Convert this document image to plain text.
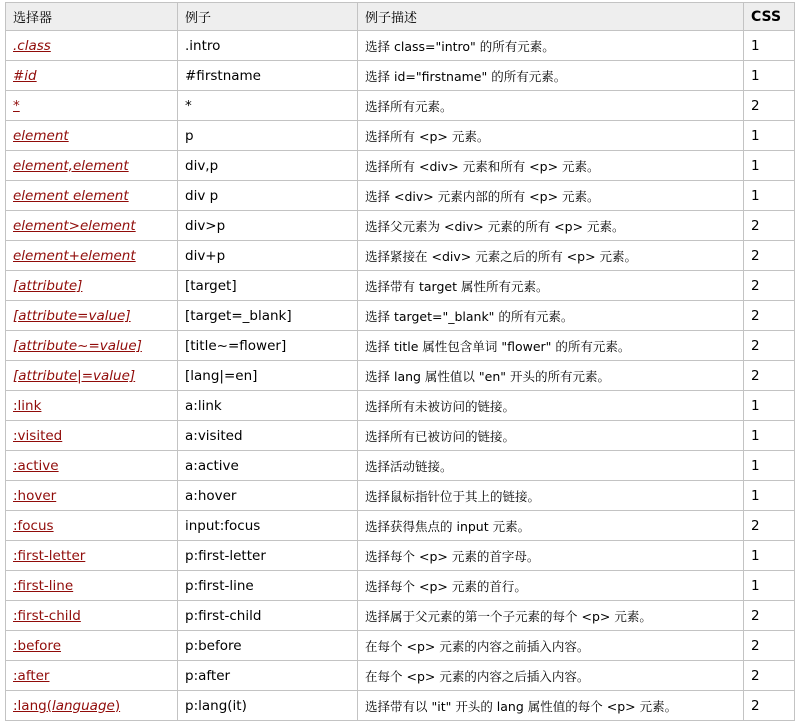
选择器	例子	例子描述	CSS
.class	.intro	选择 class="intro" 的所有元素。	1
#id	#firstname	选择 id="firstname" 的所有元素。	1
*	*	选择所有元素。	2
element	p	选择所有 <p> 元素。	1
element,element	div,p	选择所有 <div> 元素和所有 <p> 元素。	1
element element	div p	选择 <div> 元素内部的所有 <p> 元素。	1
element>element	div>p	选择父元素为 <div> 元素的所有 <p> 元素。	2
element+element	div+p	选择紧接在 <div> 元素之后的所有 <p> 元素。	2
[attribute]	[target]	选择带有 target 属性所有元素。	2
[attribute=value]	[target=_blank]	选择 target="_blank" 的所有元素。	2
[attribute~=value]	[title~=flower]	选择 title 属性包含单词 "flower" 的所有元素。	2
[attribute|=value]	[lang|=en]	选择 lang 属性值以 "en" 开头的所有元素。	2
:link	a:link	选择所有未被访问的链接。	1
:visited	a:visited	选择所有已被访问的链接。	1
:active	a:active	选择活动链接。	1
:hover	a:hover	选择鼠标指针位于其上的链接。	1
:focus	input:focus	选择获得焦点的 input 元素。	2
:first-letter	p:first-letter	选择每个 <p> 元素的首字母。	1
:first-line	p:first-line	选择每个 <p> 元素的首行。	1
:first-child	p:first-child	选择属于父元素的第一个子元素的每个 <p> 元素。	2
:before	p:before	在每个 <p> 元素的内容之前插入内容。	2
:after	p:after	在每个 <p> 元素的内容之后插入内容。	2
:lang(language)	p:lang(it)	选择带有以 "it" 开头的 lang 属性值的每个 <p> 元素。	2
